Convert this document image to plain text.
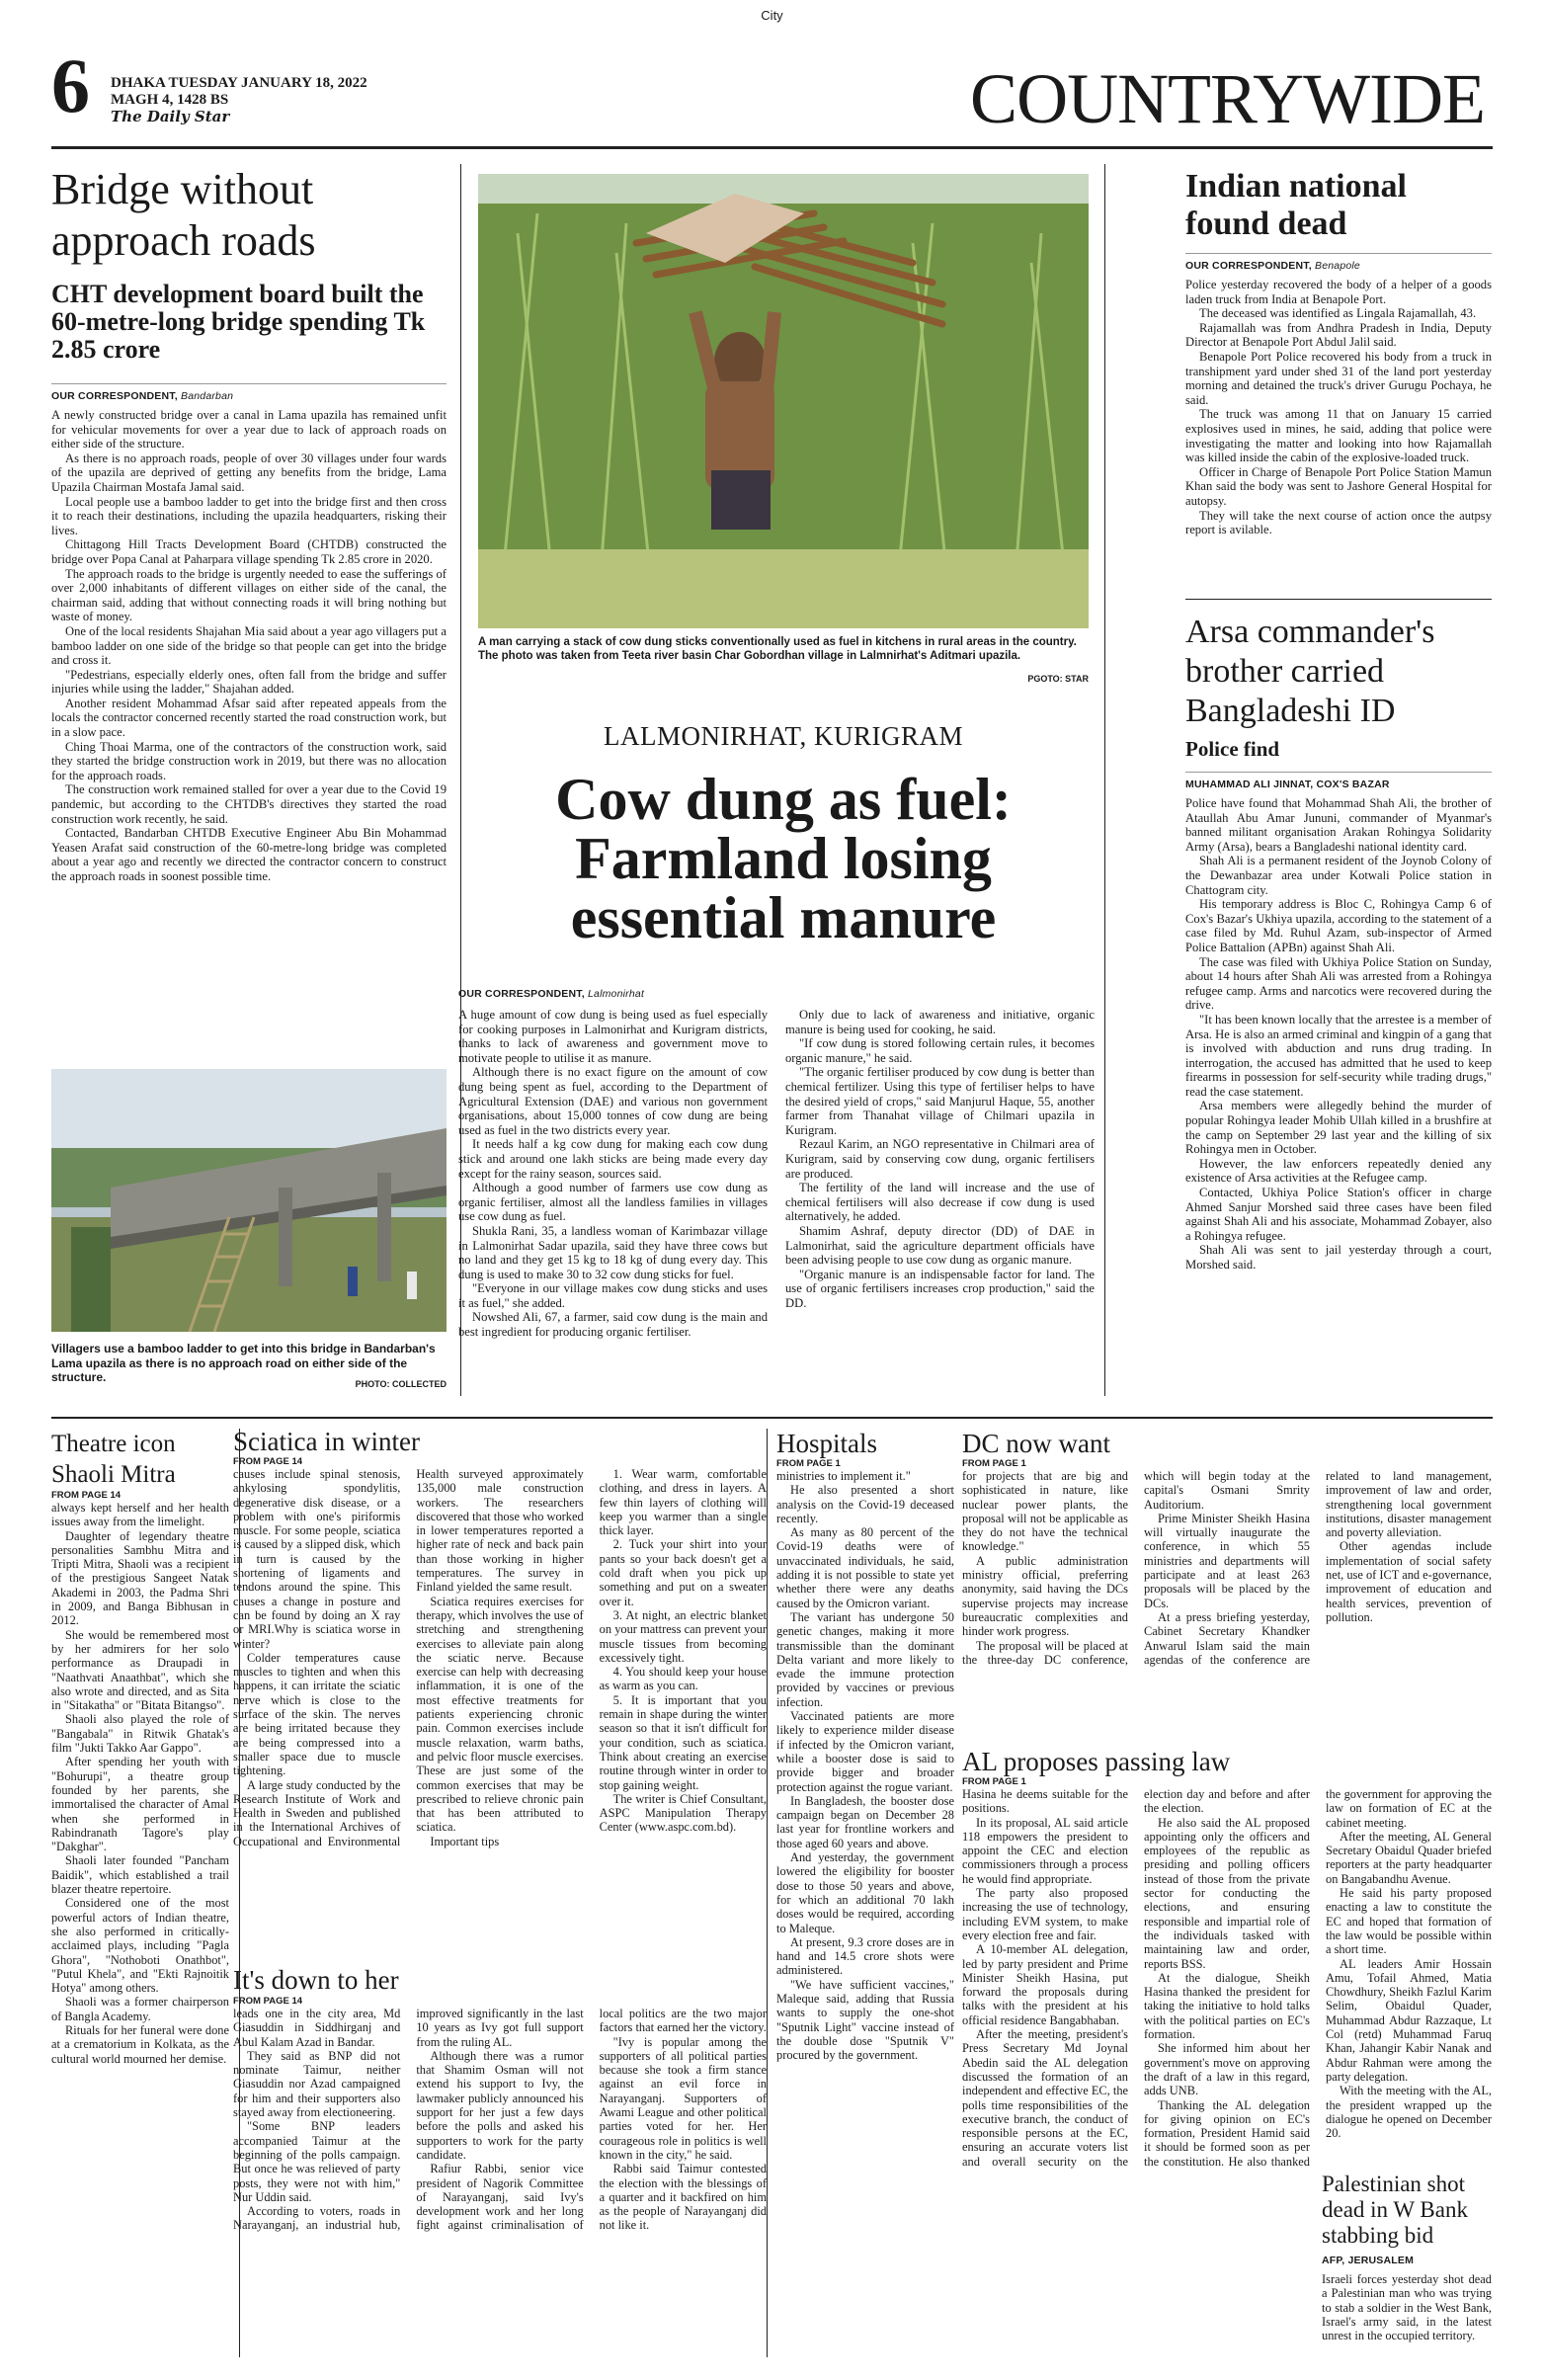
City
6 DHAKA TUESDAY JANUARY 18, 2022
MAGH 4, 1428 BS
The Daily Star	COUNTRYWIDE
Bridge without approach roads
CHT development board built the 60-metre-long bridge spending Tk 2.85 crore
OUR CORRESPONDENT, Bandarban

A newly constructed bridge over a canal in Lama upazila has remained unfit for vehicular movements for over a year due to lack of approach roads on either side of the structure.

As there is no approach roads, people of over 30 villages under four wards of the upazila are deprived of getting any benefits from the bridge, Lama Upazila Chairman Mostafa Jamal said.

Local people use a bamboo ladder to get into the bridge first and then cross it to reach their destinations, including the upazila headquarters, risking their lives.

Chittagong Hill Tracts Development Board (CHTDB) constructed the bridge over Popa Canal at Paharpara village spending Tk 2.85 crore in 2020.

The approach roads to the bridge is urgently needed to ease the sufferings of over 2,000 inhabitants of different villages on either side of the canal, the chairman said, adding that without connecting roads it will bring nothing but waste of money.

One of the local residents Shajahan Mia said about a year ago villagers put a bamboo ladder on one side of the bridge so that people can get into the bridge and cross it.

"Pedestrians, especially elderly ones, often fall from the bridge and suffer injuries while using the ladder," Shajahan added.

Another resident Mohammad Afsar said after repeated appeals from the locals the contractor concerned recently started the road construction work, but in a slow pace.

Ching Thoai Marma, one of the contractors of the construction work, said they started the bridge construction work in 2019, but there was no allocation for the approach roads.

The construction work remained stalled for over a year due to the Covid 19 pandemic, but according to the CHTDB's directives they started the road construction work recently, he said.

Contacted, Bandarban CHTDB Executive Engineer Abu Bin Mohammad Yeasen Arafat said construction of the 60-metre-long bridge was completed about a year ago and recently we directed the contractor concern to construct the approach roads in soonest possible time.

Villagers use a bamboo ladder to get into this bridge in Bandarban's Lama upazila as there is no approach road on either side of the structure.	PHOTO: COLLECTED
A man carrying a stack of cow dung sticks conventionally used as fuel in kitchens in rural areas in the country. The photo was taken from Teeta river basin Char Gobordhan village in Lalmnirhat's Aditmari upazila.
PGOTO: STAR
LALMONIRHAT, KURIGRAM
Cow dung as fuel: Farmland losing essential manure
OUR CORRESPONDENT, Lalmonirhat

A huge amount of cow dung is being used as fuel especially for cooking purposes in Lalmonirhat and Kurigram districts, thanks to lack of awareness and government move to motivate people to utilise it as manure.

Although there is no exact figure on the amount of cow dung being spent as fuel, according to the Department of Agricultural Extension (DAE) and various non government organisations, about 15,000 tonnes of cow dung are being used as fuel in the two districts every year.

It needs half a kg cow dung for making each cow dung stick and around one lakh sticks are being made every day except for the rainy season, sources said.

Although a good number of farmers use cow dung as organic fertiliser, almost all the landless families in villages use cow dung as fuel.

Shukla Rani, 35, a landless woman of Karimbazar village in Lalmonirhat Sadar upazila, said they have three cows but no land and they get 15 kg to 18 kg of dung every day. This dung is used to make 30 to 32 cow dung sticks for fuel.

"Everyone in our village makes cow dung sticks and uses it as fuel," she added.

Nowshed Ali, 67, a farmer, said cow dung is the main and best ingredient for producing organic fertiliser.

Only due to lack of awareness and initiative, organic manure is being used for cooking, he said.

"If cow dung is stored following certain rules, it becomes organic manure," he said.

"The organic fertiliser produced by cow dung is better than chemical fertilizer. Using this type of fertiliser helps to have the desired yield of crops," said Manjurul Haque, 55, another farmer from Thanahat village of Chilmari upazila in Kurigram.

Rezaul Karim, an NGO representative in Chilmari area of Kurigram, said by conserving cow dung, organic fertilisers are produced.

The fertility of the land will increase and the use of chemical fertilisers will also decrease if cow dung is used alternatively, he added.

Shamim Ashraf, deputy director (DD) of DAE in Lalmonirhat, said the agriculture department officials have been advising people to use cow dung as organic manure.

"Organic manure is an indispensable factor for land. The use of organic fertilisers increases crop production," said the DD.

Indian national found dead
OUR CORRESPONDENT, Benapole

Police yesterday recovered the body of a helper of a goods laden truck from India at Benapole Port.

The deceased was identified as Lingala Rajamallah, 43.

Rajamallah was from Andhra Pradesh in India, Deputy Director at Benapole Port Abdul Jalil said.

Benapole Port Police recovered his body from a truck in transhipment yard under shed 31 of the land port yesterday morning and detained the truck's driver Gurugu Pochaya, he said.

The truck was among 11 that on January 15 carried explosives used in mines, he said, adding that police were investigating the matter and looking into how Rajamallah was killed inside the cabin of the explosive-loaded truck.

Officer in Charge of Benapole Port Police Station Mamun Khan said the body was sent to Jashore General Hospital for autopsy.

They will take the next course of action once the autpsy report is avilable.

Arsa commander's brother carried Bangladeshi ID
Police find
MUHAMMAD ALI JINNAT, COX'S BAZAR

Police have found that Mohammad Shah Ali, the brother of Ataullah Abu Amar Jununi, commander of Myanmar's banned militant organisation Arakan Rohingya Solidarity Army (Arsa), bears a Bangladeshi national identity card.

Shah Ali is a permanent resident of the Joynob Colony of the Dewanbazar area under Kotwali Police station in Chattogram city.

His temporary address is Bloc C, Rohingya Camp 6 of Cox's Bazar's Ukhiya upazila, according to the statement of a case filed by Md. Ruhul Azam, sub-inspector of Armed Police Battalion (APBn) against Shah Ali.

The case was filed with Ukhiya Police Station on Sunday, about 14 hours after Shah Ali was arrested from a Rohingya refugee camp. Arms and narcotics were recovered during the drive.

"It has been known locally that the arrestee is a member of Arsa. He is also an armed criminal and kingpin of a gang that is involved with abduction and runs drug trading. In interrogation, the accused has admitted that he used to keep firearms in possession for self-security while trading drugs," read the case statement.

Arsa members were allegedly behind the murder of popular Rohingya leader Mohib Ullah killed in a brushfire at the camp on September 29 last year and the killing of six Rohingya men in October.

However, the law enforcers repeatedly denied any existence of Arsa activities at the Refugee camp.

Contacted, Ukhiya Police Station's officer in charge Ahmed Sanjur Morshed said three cases have been filed against Shah Ali and his associate, Mohammad Zobayer, also a Rohingya refugee.

Shah Ali was sent to jail yesterday through a court, Morshed said.

Theatre icon Shaoli Mitra
FROM PAGE 14

always kept herself and her health issues away from the limelight.

Daughter of legendary theatre personalities Sambhu Mitra and Tripti Mitra, Shaoli was a recipient of the prestigious Sangeet Natak Akademi in 2003, the Padma Shri in 2009, and Banga Bibhusan in 2012.

She would be remembered most by her admirers for her solo performance as Draupadi in "Naathvati Anaathbat", which she also wrote and directed, and as Sita in "Sitakatha" or "Bitata Bitangso".

Shaoli also played the role of "Bangabala" in Ritwik Ghatak's film "Jukti Takko Aar Gappo".

After spending her youth with "Bohurupi", a theatre group founded by her parents, she immortalised the character of Amal when she performed in Rabindranath Tagore's play "Dakghar".

Shaoli later founded "Pancham Baidik", which established a trail blazer theatre repertoire.

Considered one of the most powerful actors of Indian theatre, she also performed in critically-acclaimed plays, including "Pagla Ghora", "Nothoboti Onathbot", "Putul Khela", and "Ekti Rajnoitik Hotya" among others.

Shaoli was a former chairperson of Bangla Academy.

Rituals for her funeral were done at a crematorium in Kolkata, as the cultural world mourned her demise.

Sciatica in winter
FROM PAGE 14

causes include spinal stenosis, ankylosing spondylitis, degenerative disk disease, or a problem with one's piriformis muscle. For some people, sciatica is caused by a slipped disk, which in turn is caused by the shortening of ligaments and tendons around the spine. This causes a change in posture and can be found by doing an X ray or MRI.Why is sciatica worse in winter?

Colder temperatures cause muscles to tighten and when this happens, it can irritate the sciatic nerve which is close to the surface of the skin. The nerves are being irritated because they are being compressed into a smaller space due to muscle tightening.

A large study conducted by the Research Institute of Work and Health in Sweden and published in the International Archives of Occupational and Environmental Health surveyed approximately 135,000 male construction workers. The researchers discovered that those who worked in lower temperatures reported a higher rate of neck and back pain than those working in higher temperatures. The survey in Finland yielded the same result.

Sciatica requires exercises for therapy, which involves the use of stretching and strengthening exercises to alleviate pain along the sciatic nerve. Because exercise can help with decreasing inflammation, it is one of the most effective treatments for patients experiencing chronic pain. Common exercises include muscle relaxation, warm baths, and pelvic floor muscle exercises. These are just some of the common exercises that may be prescribed to relieve chronic pain that has been attributed to sciatica.

Important tips

1. Wear warm, comfortable clothing, and dress in layers. A few thin layers of clothing will keep you warmer than a single thick layer.

2. Tuck your shirt into your pants so your back doesn't get a cold draft when you pick up something and put on a sweater over it.

3. At night, an electric blanket on your mattress can prevent your muscle tissues from becoming excessively tight.

4. You should keep your house as warm as you can.

5. It is important that you remain in shape during the winter season so that it isn't difficult for your condition, such as sciatica. Think about creating an exercise routine through winter in order to stop gaining weight.

The writer is Chief Consultant, ASPC Manipulation Therapy Center (www.aspc.com.bd).

It's down to her
FROM PAGE 14

leads one in the city area, Md Giasuddin in Siddhirganj and Abul Kalam Azad in Bandar.

They said as BNP did not nominate Taimur, neither Giasuddin nor Azad campaigned for him and their supporters also stayed away from electioneering.

"Some BNP leaders accompanied Taimur at the beginning of the polls campaign. But once he was relieved of party posts, they were not with him," Nur Uddin said.

According to voters, roads in Narayanganj, an industrial hub, improved significantly in the last 10 years as Ivy got full support from the ruling AL.

Although there was a rumor that Shamim Osman will not extend his support to Ivy, the lawmaker publicly announced his support for her just a few days before the polls and asked his supporters to work for the party candidate.

Rafiur Rabbi, senior vice president of Nagorik Committee of Narayanganj, said Ivy's development work and her long fight against criminalisation of local politics are the two major factors that earned her the victory.

"Ivy is popular among the supporters of all political parties because she took a firm stance against an evil force in Narayanganj. Supporters of Awami League and other political parties voted for her. Her courageous role in politics is well known in the city," he said.

Rabbi said Taimur contested the election with the blessings of a quarter and it backfired on him as the people of Narayanganj did not like it.

Hospitals
FROM PAGE 1

ministries to implement it."

He also presented a short analysis on the Covid-19 deceased recently.

As many as 80 percent of the Covid-19 deaths were of unvaccinated individuals, he said, adding it is not possible to state yet whether there were any deaths caused by the Omicron variant.

The variant has undergone 50 genetic changes, making it more transmissible than the dominant Delta variant and more likely to evade the immune protection provided by vaccines or previous infection.

Vaccinated patients are more likely to experience milder disease if infected by the Omicron variant, while a booster dose is said to provide bigger and broader protection against the rogue variant.

In Bangladesh, the booster dose campaign began on December 28 last year for frontline workers and those aged 60 years and above.

And yesterday, the government lowered the eligibility for booster dose to those 50 years and above, for which an additional 70 lakh doses would be required, according to Maleque.

At present, 9.3 crore doses are in hand and 14.5 crore shots were administered.

"We have sufficient vaccines," Maleque said, adding that Russia wants to supply the one-shot "Sputnik Light" vaccine instead of the double dose "Sputnik V" procured by the government.

DC now want
FROM PAGE 1

for projects that are big and sophisticated in nature, like nuclear power plants, the proposal will not be applicable as they do not have the technical knowledge."

A public administration ministry official, preferring anonymity, said having the DCs supervise projects may increase bureaucratic complexities and hinder work progress.

The proposal will be placed at the three-day DC conference, which will begin today at the capital's Osmani Smrity Auditorium.

Prime Minister Sheikh Hasina will virtually inaugurate the conference, in which 55 ministries and departments will participate and at least 263 proposals will be placed by the DCs.

At a press briefing yesterday, Cabinet Secretary Khandker Anwarul Islam said the main agendas of the conference are related to land management, improvement of law and order, strengthening local government institutions, disaster management and poverty alleviation.

Other agendas include implementation of social safety net, use of ICT and e-governance, improvement of education and health services, prevention of pollution.

AL proposes passing law
FROM PAGE 1

Hasina he deems suitable for the positions.

In its proposal, AL said article 118 empowers the president to appoint the CEC and election commissioners through a process he would find appropriate.

The party also proposed increasing the use of technology, including EVM system, to make every election free and fair.

A 10-member AL delegation, led by party president and Prime Minister Sheikh Hasina, put forward the proposals during talks with the president at his official residence Bangabhaban.

After the meeting, president's Press Secretary Md Joynal Abedin said the AL delegation discussed the formation of an independent and effective EC, the polls time responsibilities of the executive branch, the conduct of responsible persons at the EC, ensuring an accurate voters list and overall security on the election day and before and after the election.

He also said the AL proposed appointing only the officers and employees of the republic as presiding and polling officers instead of those from the private sector for conducting the elections, and ensuring responsible and impartial role of the individuals tasked with maintaining law and order, reports BSS.

At the dialogue, Sheikh Hasina thanked the president for taking the initiative to hold talks with the political parties on EC's formation.

She informed him about her government's move on approving the draft of a law in this regard, adds UNB.

Thanking the AL delegation for giving opinion on EC's formation, President Hamid said it should be formed soon as per the constitution. He also thanked the government for approving the law on formation of EC at the cabinet meeting.

After the meeting, AL General Secretary Obaidul Quader briefed reporters at the party headquarter on Bangabandhu Avenue.

He said his party proposed enacting a law to constitute the EC and hoped that formation of the law would be possible within a short time.

AL leaders Amir Hossain Amu, Tofail Ahmed, Matia Chowdhury, Sheikh Fazlul Karim Selim, Obaidul Quader, Muhammad Abdur Razzaque, Lt Col (retd) Muhammad Faruq Khan, Jahangir Kabir Nanak and Abdur Rahman were among the party delegation.

With the meeting with the AL, the president wrapped up the dialogue he opened on December 20.

Palestinian shot dead in W Bank stabbing bid
AFP, JERUSALEM

Israeli forces yesterday shot dead a Palestinian man who was trying to stab a soldier in the West Bank, Israel's army said, in the latest unrest in the occupied territory.
